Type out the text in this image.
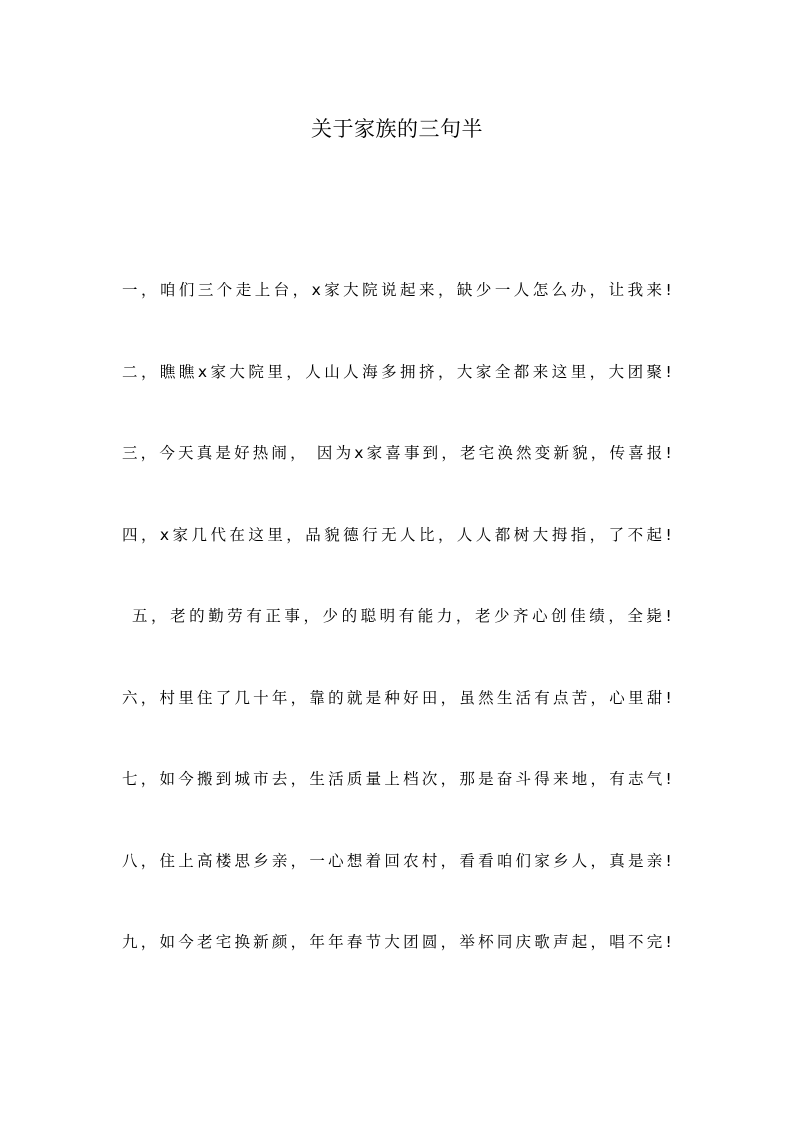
关于家族的三句半
一，咱们三个走上台，x家大院说起来，缺少一人怎么办，让我来!
二，瞧瞧x家大院里，人山人海多拥挤，大家全都来这里，大团聚!
三，今天真是好热闹， 因为x家喜事到，老宅涣然变新貌，传喜报!
四，x家几代在这里，品貌德行无人比，人人都树大拇指，了不起!
五，老的勤劳有正事，少的聪明有能力，老少齐心创佳绩，全毙!
六，村里住了几十年，靠的就是种好田，虽然生活有点苦，心里甜!
七，如今搬到城市去，生活质量上档次，那是奋斗得来地，有志气!
八，住上高楼思乡亲，一心想着回农村，看看咱们家乡人，真是亲!
九，如今老宅换新颜，年年春节大团圆，举杯同庆歌声起，唱不完!
